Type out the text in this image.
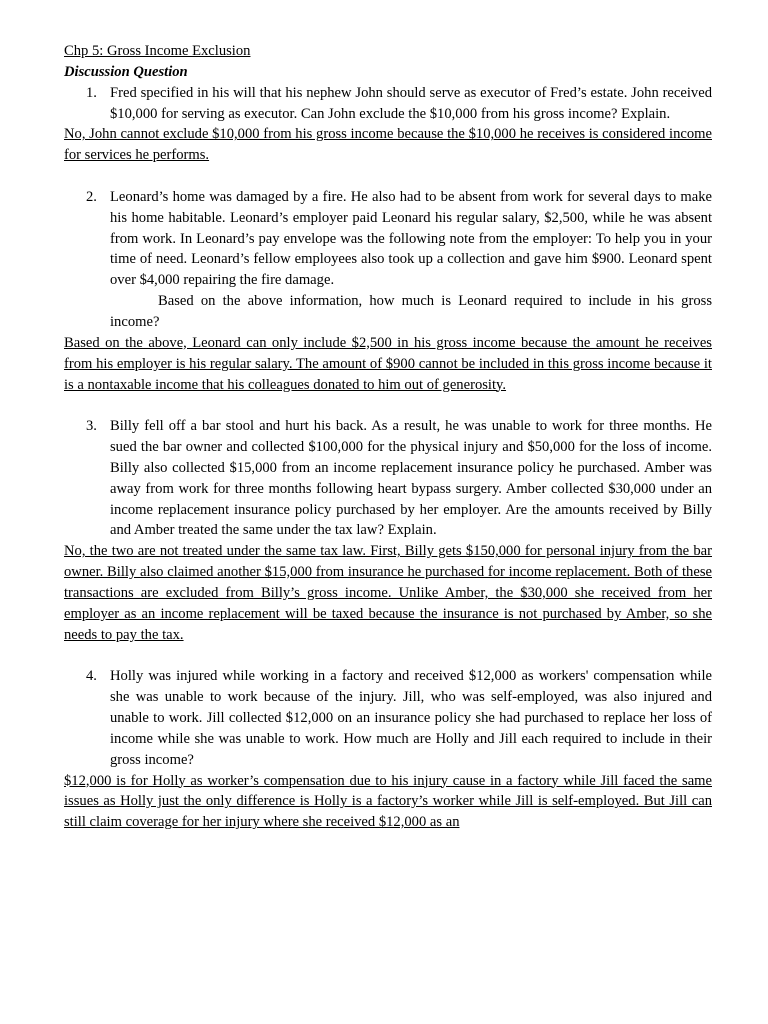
Chp 5: Gross Income Exclusion
Discussion Question
1. Fred specified in his will that his nephew John should serve as executor of Fred’s estate. John received $10,000 for serving as executor. Can John exclude the $10,000 from his gross income? Explain.

No, John cannot exclude $10,000 from his gross income because the $10,000 he receives is considered income for services he performs.

2. Leonard’s home was damaged by a fire. He also had to be absent from work for several days to make his home habitable. Leonard’s employer paid Leonard his regular salary, $2,500, while he was absent from work. In Leonard’s pay envelope was the following note from the employer: To help you in your time of need. Leonard’s fellow employees also took up a collection and gave him $900. Leonard spent over $4,000 repairing the fire damage.

Based on the above information, how much is Leonard required to include in his gross income?

Based on the above, Leonard can only include $2,500 in his gross income because the amount he receives from his employer is his regular salary. The amount of $900 cannot be included in this gross income because it is a nontaxable income that his colleagues donated to him out of generosity.

3. Billy fell off a bar stool and hurt his back. As a result, he was unable to work for three months. He sued the bar owner and collected $100,000 for the physical injury and $50,000 for the loss of income. Billy also collected $15,000 from an income replacement insurance policy he purchased. Amber was away from work for three months following heart bypass surgery. Amber collected $30,000 under an income replacement insurance policy purchased by her employer. Are the amounts received by Billy and Amber treated the same under the tax law? Explain.

No, the two are not treated under the same tax law. First, Billy gets $150,000 for personal injury from the bar owner. Billy also claimed another $15,000 from insurance he purchased for income replacement. Both of these transactions are excluded from Billy’s gross income. Unlike Amber, the $30,000 she received from her employer as an income replacement will be taxed because the insurance is not purchased by Amber, so she needs to pay the tax.

4. Holly was injured while working in a factory and received $12,000 as workers' compensation while she was unable to work because of the injury. Jill, who was self-employed, was also injured and unable to work. Jill collected $12,000 on an insurance policy she had purchased to replace her loss of income while she was unable to work. How much are Holly and Jill each required to include in their gross income?

$12,000 is for Holly as worker’s compensation due to his injury cause in a factory while Jill faced the same issues as Holly just the only difference is Holly is a factory’s worker while Jill is self-employed. But Jill can still claim coverage for her injury where she received $12,000 as an
